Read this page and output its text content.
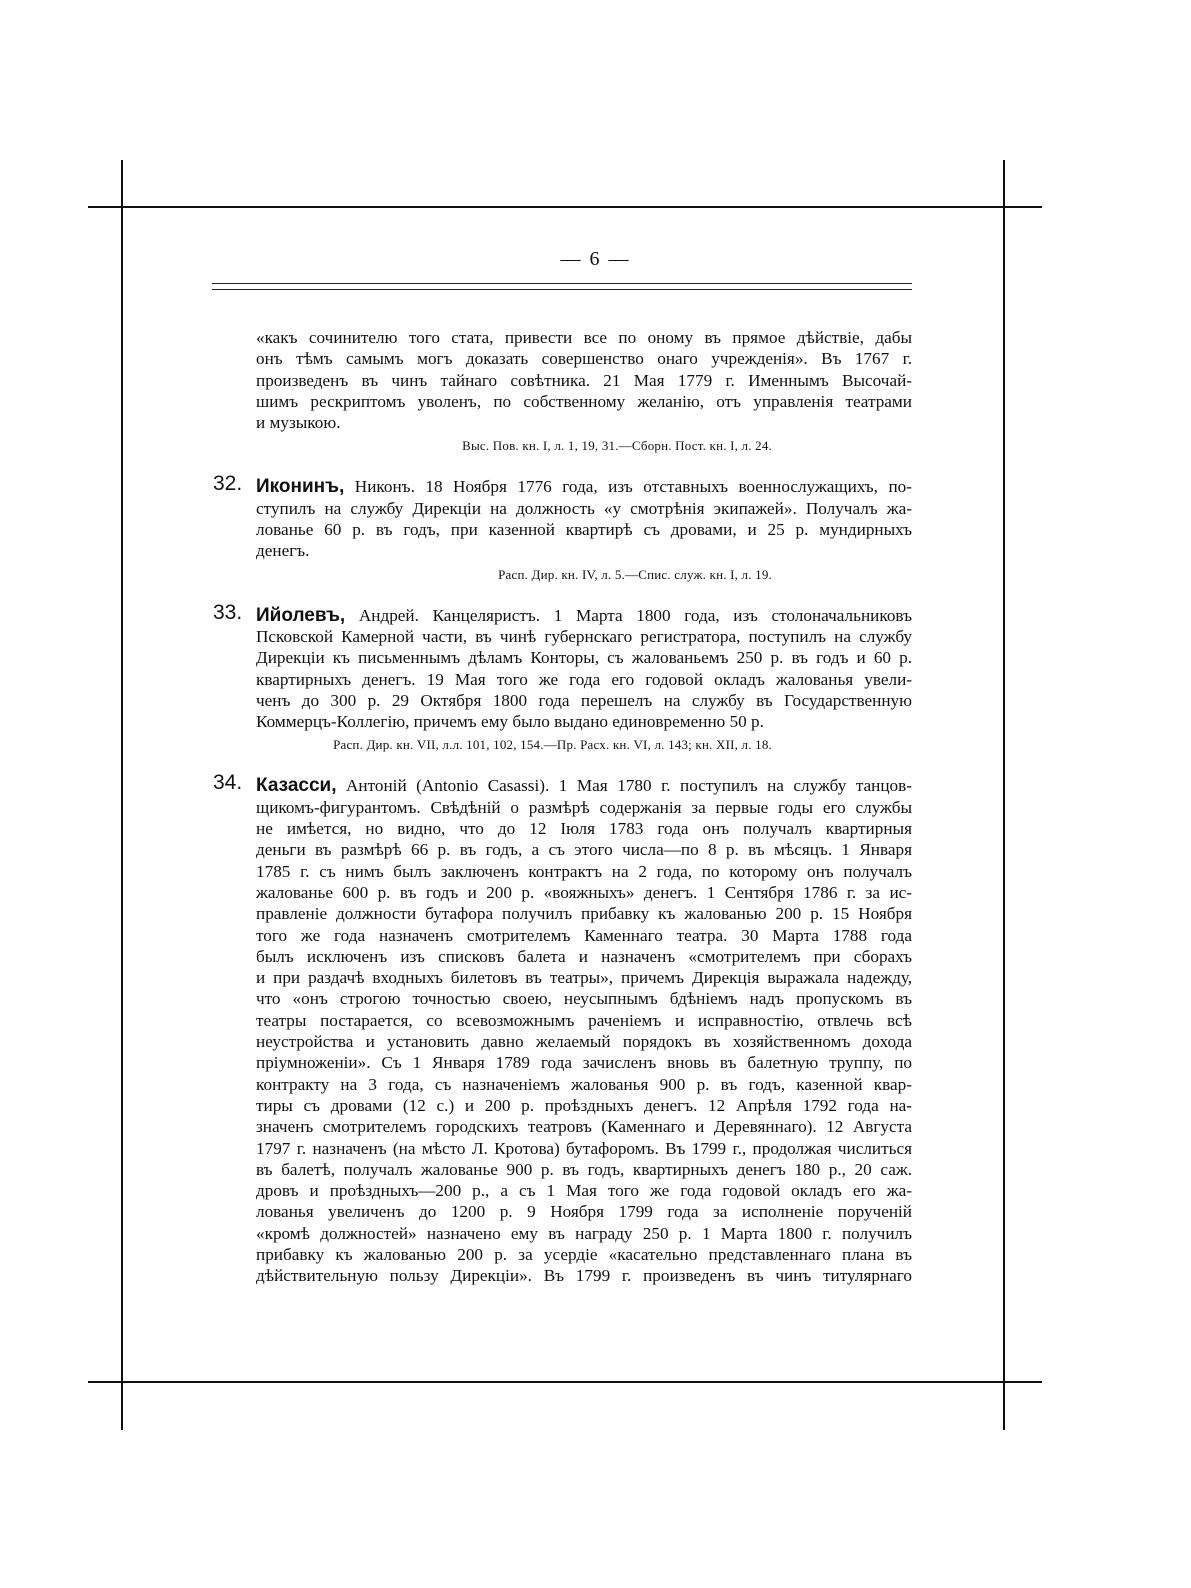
— 6 —

«какъ сочинителю того стата, привести все по оному въ прямое дѣйствіе, дабы
онъ тѣмъ самымъ могъ доказать совершенство онаго учрежденія». Въ 1767 г.
произведенъ въ чинъ тайнаго совѣтника. 21 Мая 1779 г. Именнымъ Высочай-
шимъ рескриптомъ уволенъ, по собственному желанію, отъ управленія театрами
и музыкою.

Выс. Пов. кн. I, л. 1, 19, 31.—Сборн. Пост. кн. I, л. 24.

32. Иконинъ, Никонъ. 18 Ноября 1776 года, изъ отставныхъ военнослужащихъ, по-
ступилъ на службу Дирекціи на должность «у смотрѣнія экипажей». Получалъ жа-
лованье 60 р. въ годъ, при казенной квартирѣ съ дровами, и 25 р. мундирныхъ
денегъ.

Расп. Дир. кн. IV, л. 5.—Спис. служ. кн. I, л. 19.

33. Ийолевъ, Андрей. Канцеляристъ. 1 Марта 1800 года, изъ столоначальниковъ
Псковской Камерной части, въ чинѣ губернскаго регистратора, поступилъ на службу
Дирекціи къ письменнымъ дѣламъ Конторы, съ жалованьемъ 250 р. въ годъ и 60 р.
квартирныхъ денегъ. 19 Мая того же года его годовой окладъ жалованья увели-
ченъ до 300 р. 29 Октября 1800 года перешелъ на службу въ Государственную
Коммерцъ-Коллегію, причемъ ему было выдано единовременно 50 р.

Расп. Дир. кн. VII, л.л. 101, 102, 154.—Пр. Расх. кн. VI, л. 143; кн. XII, л. 18.

34. Казасси, Антоній (Antonio Casassi). 1 Мая 1780 г. поступилъ на службу танцов-
щикомъ-фигурантомъ. Свѣдѣній о размѣрѣ содержанія за первые годы его службы
не имѣется, но видно, что до 12 Іюля 1783 года онъ получалъ квартирныя
деньги въ размѣрѣ 66 р. въ годъ, а съ этого числа—по 8 р. въ мѣсяцъ. 1 Января
1785 г. съ нимъ былъ заключенъ контрактъ на 2 года, по которому онъ получалъ
жалованье 600 р. въ годъ и 200 р. «вояжныхъ» денегъ. 1 Сентября 1786 г. за ис-
правленіе должности бутафора получилъ прибавку къ жалованью 200 р. 15 Ноября
того же года назначенъ смотрителемъ Каменнаго театра. 30 Марта 1788 года
былъ исключенъ изъ списковъ балета и назначенъ «смотрителемъ при сборахъ
и при раздачѣ входныхъ билетовъ въ театры», причемъ Дирекція выражала надежду,
что «онъ строгою точностью своею, неусыпнымъ бдѣніемъ надъ пропускомъ въ
театры постарается, со всевозможнымъ раченіемъ и исправностію, отвлечь всѣ
неустройства и установить давно желаемый порядокъ въ хозяйственномъ дохода
пріумноженіи». Съ 1 Января 1789 года зачисленъ вновь въ балетную труппу, по
контракту на 3 года, съ назначеніемъ жалованья 900 р. въ годъ, казенной квар-
тиры съ дровами (12 с.) и 200 р. проѣздныхъ денегъ. 12 Апрѣля 1792 года на-
значенъ смотрителемъ городскихъ театровъ (Каменнаго и Деревяннаго). 12 Августа
1797 г. назначенъ (на мѣсто Л. Кротова) бутафоромъ. Въ 1799 г., продолжая числиться
въ балетѣ, получалъ жалованье 900 р. въ годъ, квартирныхъ денегъ 180 р., 20 саж.
дровъ и проѣздныхъ—200 р., а съ 1 Мая того же года годовой окладъ его жа-
лованья увеличенъ до 1200 р. 9 Ноября 1799 года за исполненіе порученій
«кромѣ должностей» назначено ему въ награду 250 р. 1 Марта 1800 г. получилъ
прибавку къ жалованью 200 р. за усердіе «касательно представленнаго плана въ
дѣйствительную пользу Дирекціи». Въ 1799 г. произведенъ въ чинъ титулярнаго
